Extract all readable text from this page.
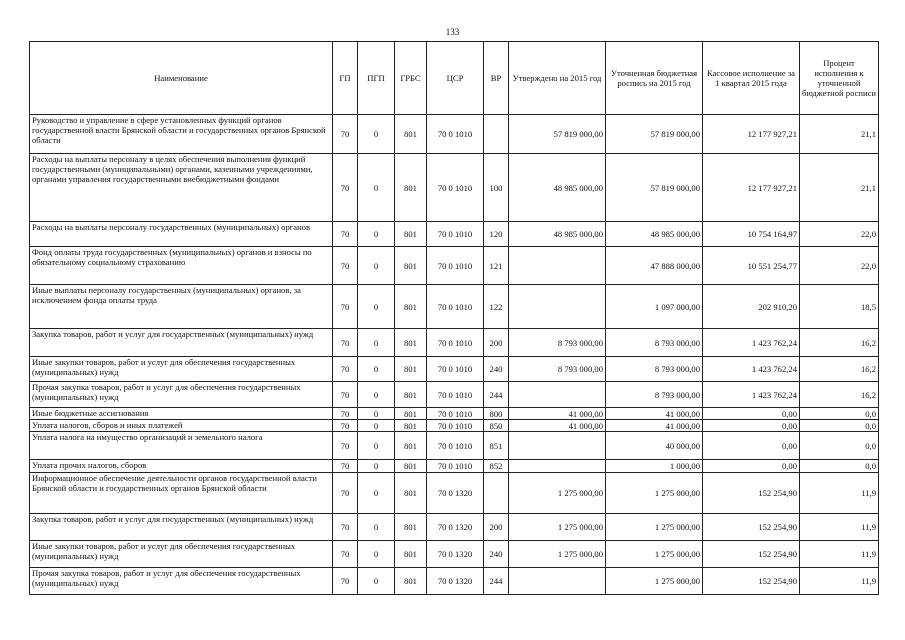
133
Наименование	ГП	ПГП	ГРБС	ЦСР	ВР	Утверждено на 2015 год	Уточненная бюджетная роспись на 2015 год	Кассовое исполнение за 1 квартал 2015 года	Процент исполнения к уточненной бюджетной росписи
Руководство и управление в сфере установленных функций органов государственной власти Брянской области и государственных органов Брянской области	70	0	801	70 0 1010		57 819 000,00	57 819 000,00	12 177 927,21	21,1
Расходы на выплаты персоналу в целях обеспечения выполнения функций государственными (муниципальными) органами, казенными учреждениями, органами управления государственными внебюджетными фондами	70	0	801	70 0 1010	100	48 985 000,00	57 819 000,00	12 177 927,21	21,1
Расходы на выплаты персоналу государственных (муниципальных) органов	70	0	801	70 0 1010	120	48 985 000,00	48 985 000,00	10 754 164,97	22,0
Фонд оплаты труда государственных (муниципальных) органов и взносы по обязательному социальному страхованию	70	0	801	70 0 1010	121		47 888 000,00	10 551 254,77	22,0
Иные выплаты персоналу государственных (муниципальных) органов, за исключением фонда оплаты труда	70	0	801	70 0 1010	122		1 097 000,00	202 910,20	18,5
Закупка товаров, работ и услуг для государственных (муниципальных) нужд	70	0	801	70 0 1010	200	8 793 000,00	8 793 000,00	1 423 762,24	16,2
Иные закупки товаров, работ и услуг для обеспечения государственных (муниципальных) нужд	70	0	801	70 0 1010	240	8 793 000,00	8 793 000,00	1 423 762,24	16,2
Прочая закупка товаров, работ и услуг для обеспечения государственных (муниципальных) нужд	70	0	801	70 0 1010	244		8 793 000,00	1 423 762,24	16,2
Иные бюджетные ассигнования	70	0	801	70 0 1010	800	41 000,00	41 000,00	0,00	0,0
Уплата налогов, сборов и иных платежей	70	0	801	70 0 1010	850	41 000,00	41 000,00	0,00	0,0
Уплата налога на имущество организаций и земельного налога	70	0	801	70 0 1010	851		40 000,00	0,00	0,0
Уплата прочих налогов, сборов	70	0	801	70 0 1010	852		1 000,00	0,00	0,0
Информационное обеспечение деятельности органов государственной власти Брянской области и государственных органов Брянской области	70	0	801	70 0 1320		1 275 000,00	1 275 000,00	152 254,90	11,9
Закупка товаров, работ и услуг для государственных (муниципальных) нужд	70	0	801	70 0 1320	200	1 275 000,00	1 275 000,00	152 254,90	11,9
Иные закупки товаров, работ и услуг для обеспечения государственных (муниципальных) нужд	70	0	801	70 0 1320	240	1 275 000,00	1 275 000,00	152 254,90	11,9
Прочая закупка товаров, работ и услуг для обеспечения государственных (муниципальных) нужд	70	0	801	70 0 1320	244		1 275 000,00	152 254,90	11,9
